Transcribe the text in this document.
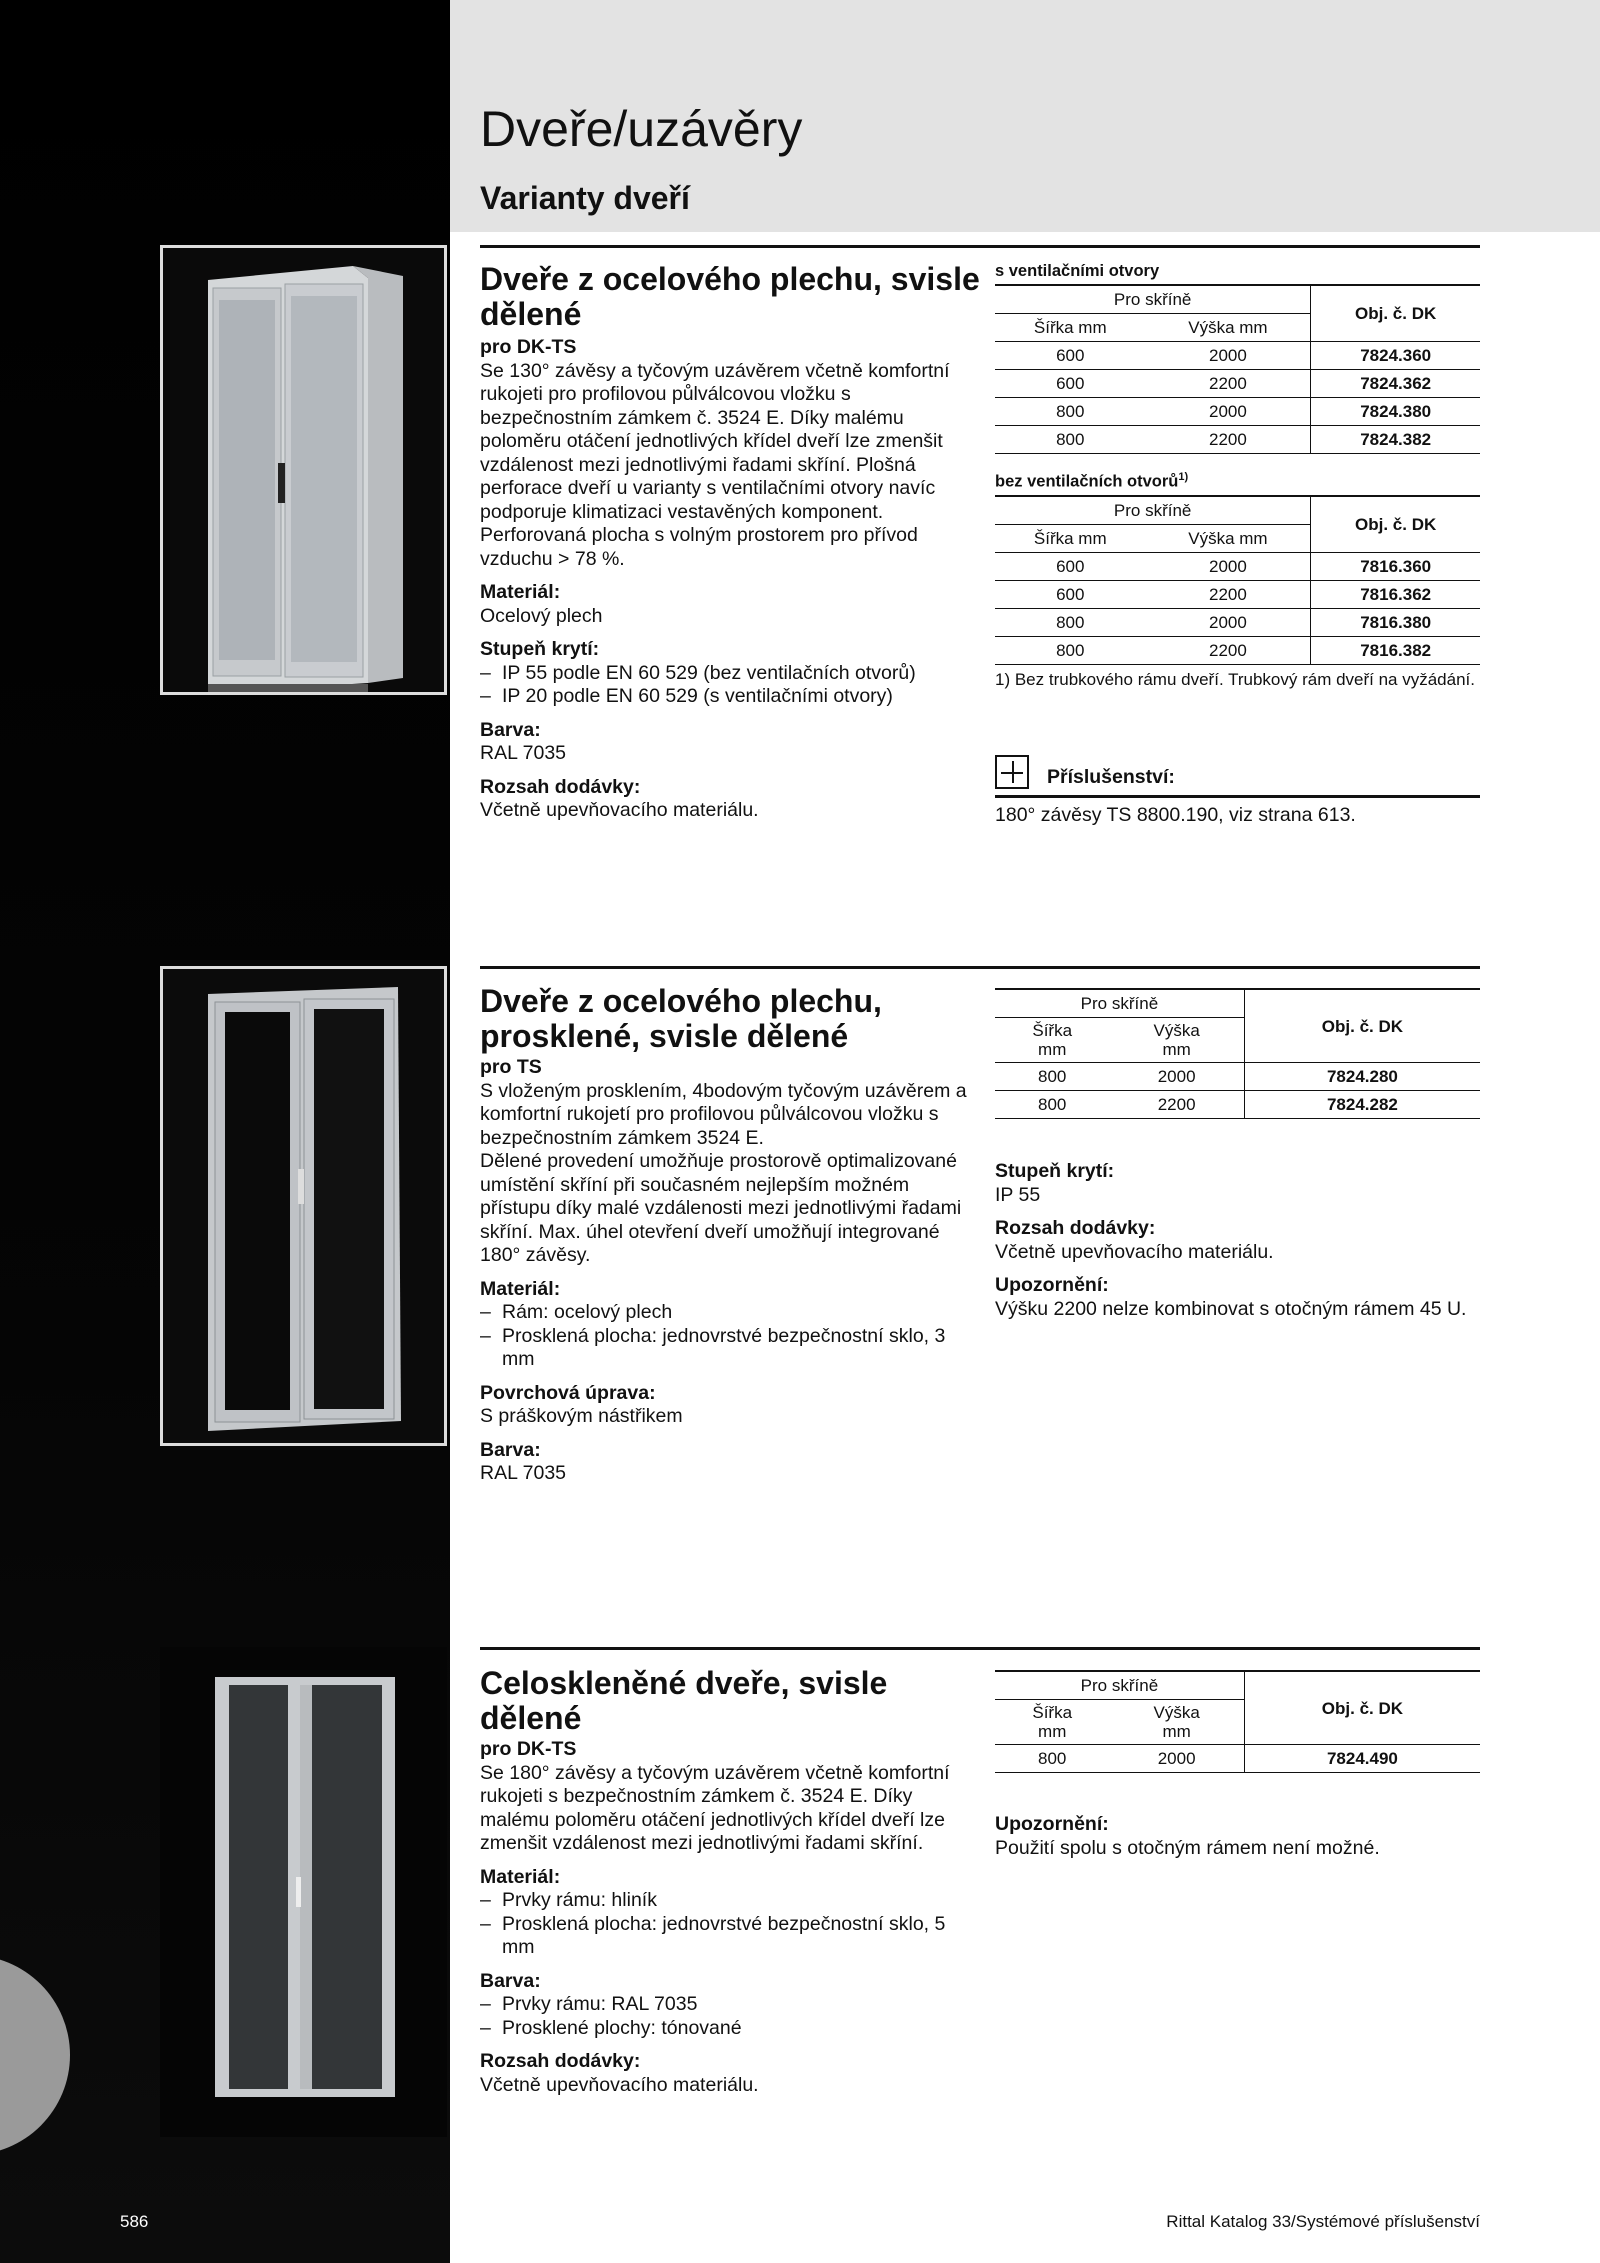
Dveře/uzávěry
Varianty dveří
Dveře z ocelového plechu, svisle dělené

pro DK-TS

Se 130° závěsy a tyčovým uzávěrem včetně komfortní rukojeti pro profilovou půlválcovou vložku s bezpečnostním zámkem č. 3524 E. Díky malému poloměru otáčení jednotlivých křídel dveří lze zmenšit vzdálenost mezi jednotlivými řadami skříní. Plošná perforace dveří u varianty s ventilačními otvory navíc podporuje klimatizaci vestavěných komponent. Perforovaná plocha s volným prostorem pro přívod vzduchu > 78 %.

Materiál:

Ocelový plech

Stupeň krytí:

– IP 55 podle EN 60 529 (bez ventilačních otvorů)
– IP 20 podle EN 60 529 (s ventilačními otvory)

Barva:

RAL 7035

Rozsah dodávky:

Včetně upevňovacího materiálu.

s ventilačními otvory
Pro skříně		Obj. č. DK
Šířka mm	Výška mm	
600	2000	7824.360
600	2200	7824.362
800	2000	7824.380
800	2200	7824.382
bez ventilačních otvorů$^{1)}$
Pro skříně		Obj. č. DK
Šířka mm	Výška mm	
600	2000	7816.360
600	2200	7816.362
800	2000	7816.380
800	2200	7816.382
1) Bez trubkového rámu dveří. Trubkový rám dveří na vyžádání.
Příslušenství:
180° závěsy TS 8800.190, viz strana 613.
Dveře z ocelového plechu, prosklené, svisle dělené

pro TS

S vloženým prosklením, 4bodovým tyčovým uzávěrem a komfortní rukojetí pro profilovou půlválcovou vložku s bezpečnostním zámkem 3524 E.

Dělené provedení umožňuje prostorově optimalizované umístění skříní při současném nejlepším možném přístupu díky malé vzdálenosti mezi jednotlivými řadami skříní. Max. úhel otevření dveří umožňují integrované 180° závěsy.

Materiál:

– Rám: ocelový plech
– Prosklená plocha: jednovrstvé bezpečnostní sklo, 3 mm

Povrchová úprava:

S práškovým nástřikem

Barva:

RAL 7035

Pro skříně		Obj. č. DK
Šířka
mm	Výška
mm	
800	2000	7824.280
800	2200	7824.282

Stupeň krytí:

IP 55

Rozsah dodávky:

Včetně upevňovacího materiálu.

Upozornění:

Výšku 2200 nelze kombinovat s otočným rámem 45 U.

Celoskleněné dveře, svisle dělené

pro DK-TS

Se 180° závěsy a tyčovým uzávěrem včetně komfortní rukojeti s bezpečnostním zámkem č. 3524 E. Díky malému poloměru otáčení jednotlivých křídel dveří lze zmenšit vzdálenost mezi jednotlivými řadami skříní.

Materiál:

– Prvky rámu: hliník
– Prosklená plocha: jednovrstvé bezpečnostní sklo, 5 mm

Barva:

– Prvky rámu: RAL 7035
– Prosklené plochy: tónované

Rozsah dodávky:

Včetně upevňovacího materiálu.

Pro skříně		Obj. č. DK
Šířka
mm	Výška
mm	
800	2000	7824.490

Upozornění:

Použití spolu s otočným rámem není možné.

586	Rittal Katalog 33/Systémové příslušenství
